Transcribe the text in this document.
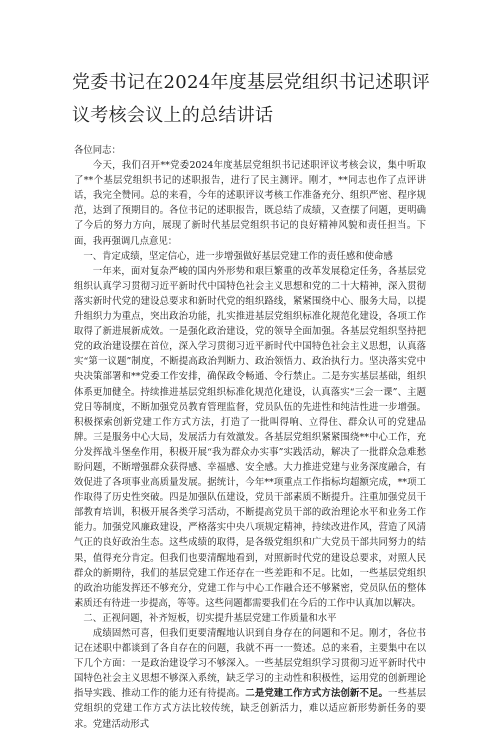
党委书记在2024年度基层党组织书记述职评议考核会议上的总结讲话

各位同志：

今天，我们召开**党委2024年度基层党组织书记述职评议考核会议，集中听取了**个基层党组织书记的述职报告，进行了民主测评。刚才，**同志也作了点评讲话，我完全赞同。总的来看，今年的述职评议考核工作准备充分、组织严密、程序规范，达到了预期目的。各位书记的述职报告，既总结了成绩，又查摆了问题，更明确了今后的努力方向，展现了新时代基层党组织书记的良好精神风貌和责任担当。下面，我再强调几点意见：

一、肯定成绩，坚定信心，进一步增强做好基层党建工作的责任感和使命感

一年来，面对复杂严峻的国内外形势和艰巨繁重的改革发展稳定任务，各基层党组织认真学习贯彻习近平新时代中国特色社会主义思想和党的二十大精神，深入贯彻落实新时代党的建设总要求和新时代党的组织路线，紧紧围绕中心、服务大局，以提升组织力为重点，突出政治功能，扎实推进基层党组织标准化规范化建设，各项工作取得了新进展新成效。一是强化政治建设，党的领导全面加强。各基层党组织坚持把党的政治建设摆在首位，深入学习贯彻习近平新时代中国特色社会主义思想，认真落实“第一议题”制度，不断提高政治判断力、政治领悟力、政治执行力。坚决落实党中央决策部署和**党委工作安排，确保政令畅通、令行禁止。二是夯实基层基础，组织体系更加健全。持续推进基层党组织标准化规范化建设，认真落实“三会一课”、主题党日等制度，不断加强党员教育管理监督，党员队伍的先进性和纯洁性进一步增强。积极探索创新党建工作方式方法，打造了一批叫得响、立得住、群众认可的党建品牌。三是服务中心大局，发展活力有效激发。各基层党组织紧紧围绕**中心工作，充分发挥战斗堡垒作用，积极开展“我为群众办实事”实践活动，解决了一批群众急难愁盼问题，不断增强群众获得感、幸福感、安全感。大力推进党建与业务深度融合，有效促进了各项事业高质量发展。据统计，今年**项重点工作指标均超额完成，**项工作取得了历史性突破。四是加强队伍建设，党员干部素质不断提升。注重加强党员干部教育培训，积极开展各类学习活动，不断提高党员干部的政治理论水平和业务工作能力。加强党风廉政建设，严格落实中央八项规定精神，持续改进作风，营造了风清气正的良好政治生态。这些成绩的取得，是各级党组织和广大党员干部共同努力的结果，值得充分肯定。但我们也要清醒地看到，对照新时代党的建设总要求，对照人民群众的新期待，我们的基层党建工作还存在一些差距和不足。比如，一些基层党组织的政治功能发挥还不够充分，党建工作与中心工作融合还不够紧密，党员队伍的整体素质还有待进一步提高，等等。这些问题都需要我们在今后的工作中认真加以解决。

二、正视问题，补齐短板，切实提升基层党建工作质量和水平

成绩固然可喜，但我们更要清醒地认识到自身存在的问题和不足。刚才，各位书记在述职中都谈到了各自存在的问题，我就不再一一赘述。总的来看，主要集中在以下几个方面：一是政治建设学习不够深入。一些基层党组织学习贯彻习近平新时代中国特色社会主义思想不够深入系统，缺乏学习的主动性和积极性，运用党的创新理论指导实践、推动工作的能力还有待提高。二是党建工作方式方法创新不足。一些基层党组织的党建工作方式方法比较传统，缺乏创新活力，难以适应新形势新任务的要求。党建活动形式
